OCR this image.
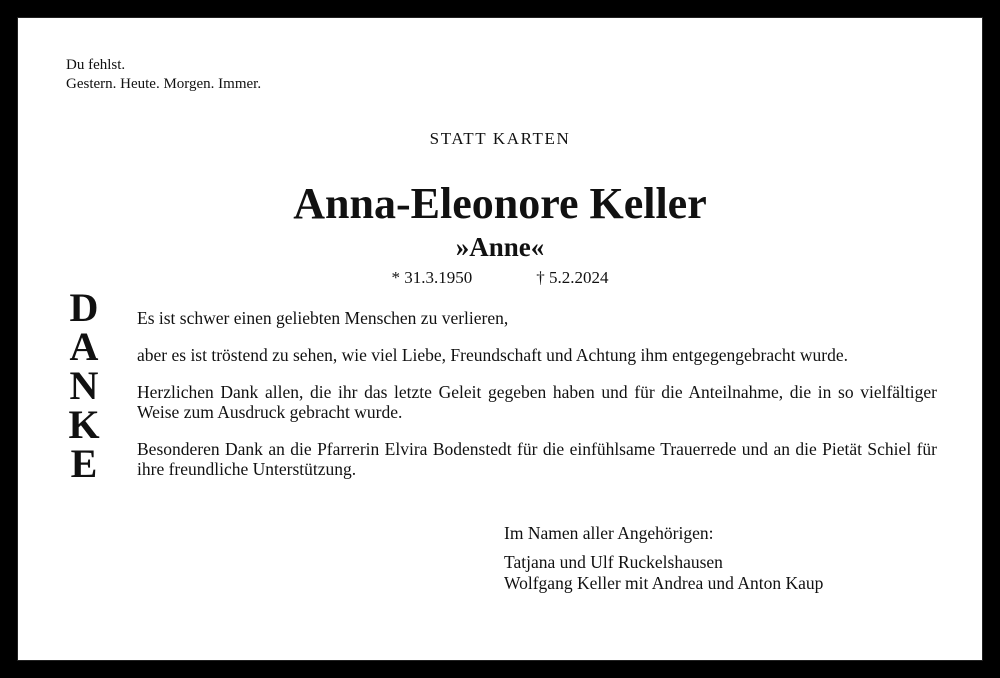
Du fehlst.
Gestern. Heute. Morgen. Immer.
STATT KARTEN
Anna-Eleonore Keller
»Anne«
* 31.3.1950	† 5.2.2024
D
A
N
K
E

Es ist schwer einen geliebten Menschen zu verlieren,

aber es ist tröstend zu sehen, wie viel Liebe, Freundschaft und Achtung ihm entgegengebracht wurde.

Herzlichen Dank allen, die ihr das letzte Geleit gegeben haben und für die Anteilnahme, die in so vielfältiger Weise zum Ausdruck gebracht wurde.

Besonderen Dank an die Pfarrerin Elvira Bodenstedt für die einfühlsame Trauerrede und an die Pietät Schiel für ihre freundliche Unterstützung.

Im Namen aller Angehörigen:
Tatjana und Ulf Ruckelshausen
Wolfgang Keller mit Andrea und Anton Kaup
